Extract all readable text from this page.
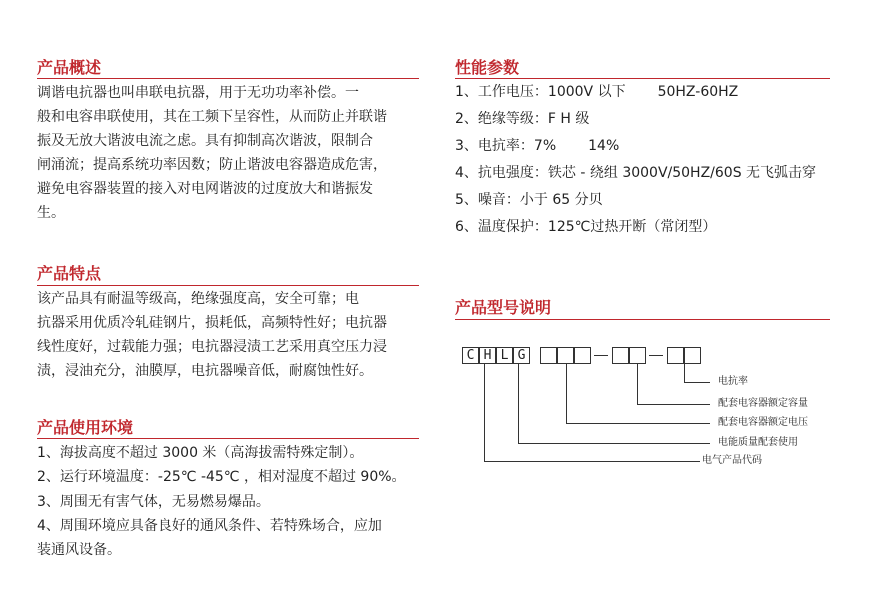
产品概述
调谐电抗器也叫串联电抗器，用于无功功率补偿。一
般和电容串联使用，其在工频下呈容性，从而防止并联谐
振及无放大谐波电流之虑。具有抑制高次谐波，限制合
闸涌流；提高系统功率因数；防止谐波电容器造成危害，
避免电容器装置的接入对电网谐波的过度放大和谐振发
生。
产品特点
该产品具有耐温等级高，绝缘强度高，安全可靠；电
抗器采用优质冷轧硅钢片，损耗低，高频特性好；电抗器
线性度好，过载能力强；电抗器浸渍工艺采用真空压力浸
渍，浸油充分，油膜厚，电抗器噪音低，耐腐蚀性好。
产品使用环境
1、海拔高度不超过 3000 米（高海拔需特殊定制）。
2、运行环境温度：-25℃ -45℃ ，相对湿度不超过 90%。
3、周围无有害气体，无易燃易爆品。
4、周围环境应具备良好的通风条件、若特殊场合，应加
装通风设备。
性能参数
1、工作电压：1000V 以下 50HZ-60HZ
2、绝缘等级：F H 级
3、电抗率：7% 14%
4、抗电强度：铁芯 - 绕组 3000V/50HZ/60S 无飞弧击穿
5、噪音：小于 65 分贝
6、温度保护：125℃过热开断（常闭型）
产品型号说明
C H L G
电抗率
配套电容器额定容量
配套电容器额定电压
电能质量配套使用
电气产品代码
